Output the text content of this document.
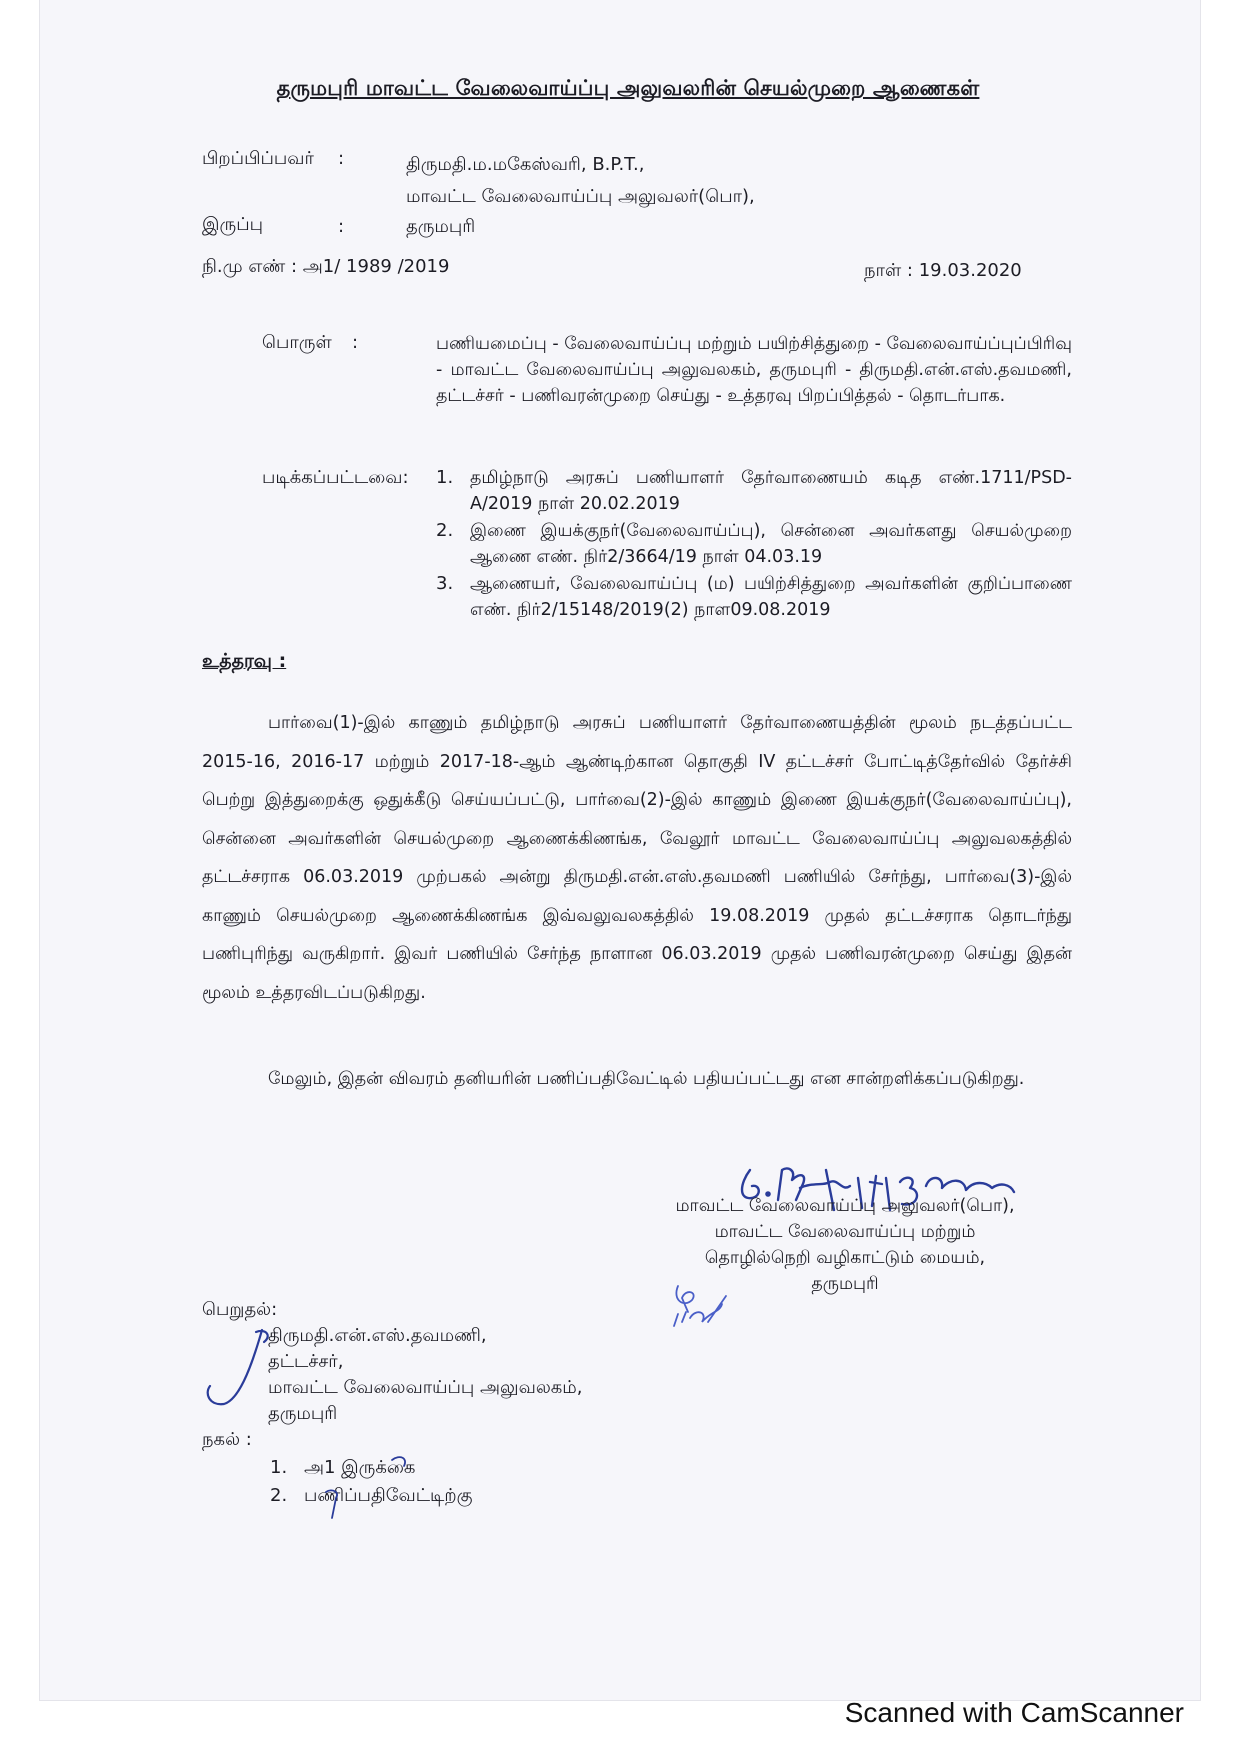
தருமபுரி மாவட்ட வேலைவாய்ப்பு அலுவலரின் செயல்முறை ஆணைகள்
பிறப்பிப்பவர் :	திருமதி.ம.மகேஸ்வரி, B.P.T.,
மாவட்ட வேலைவாய்ப்பு அலுவலர்(பொ),
இருப்பு	:	தருமபுரி
நி.மு எண் : அ1/ 1989 /2019	நாள் : 19.03.2020
பொருள் :	பணியமைப்பு - வேலைவாய்ப்பு மற்றும் பயிற்சித்துறை - வேலைவாய்ப்புப்பிரிவு - மாவட்ட வேலைவாய்ப்பு அலுவலகம், தருமபுரி - திருமதி.என்.எஸ்.தவமணி, தட்டச்சர் - பணிவரன்முறை செய்து - உத்தரவு பிறப்பித்தல் - தொடர்பாக.
படிக்கப்பட்டவை: 1. தமிழ்நாடு அரசுப் பணியாளர் தேர்வாணையம் கடித எண்.1711/PSD-A/2019 நாள் 20.02.2019
2. இணை இயக்குநர்(வேலைவாய்ப்பு), சென்னை அவர்களது செயல்முறை ஆணை எண். நிர்2/3664/19 நாள் 04.03.19
3. ஆணையர், வேலைவாய்ப்பு (ம) பயிற்சித்துறை அவர்களின் குறிப்பாணை எண். நிர்2/15148/2019(2) நாள09.08.2019
உத்தரவு :
பார்வை(1)-இல் காணும் தமிழ்நாடு அரசுப் பணியாளர் தேர்வாணையத்தின் மூலம் நடத்தப்பட்ட 2015-16, 2016-17 மற்றும் 2017-18-ஆம் ஆண்டிற்கான தொகுதி IV தட்டச்சர் போட்டித்தேர்வில் தேர்ச்சி பெற்று இத்துறைக்கு ஒதுக்கீடு செய்யப்பட்டு, பார்வை(2)-இல் காணும் இணை இயக்குநர்(வேலைவாய்ப்பு), சென்னை அவர்களின் செயல்முறை ஆணைக்கிணங்க, வேலூர் மாவட்ட வேலைவாய்ப்பு அலுவலகத்தில் தட்டச்சராக 06.03.2019 முற்பகல் அன்று திருமதி.என்.எஸ்.தவமணி பணியில் சேர்ந்து, பார்வை(3)-இல் காணும் செயல்முறை ஆணைக்கிணங்க இவ்வலுவலகத்தில் 19.08.2019 முதல் தட்டச்சராக தொடர்ந்து பணிபுரிந்து வருகிறார். இவர் பணியில் சேர்ந்த நாளான 06.03.2019 முதல் பணிவரன்முறை செய்து இதன் மூலம் உத்தரவிடப்படுகிறது.
மேலும், இதன் விவரம் தனியரின் பணிப்பதிவேட்டில் பதியப்பட்டது என சான்றளிக்கப்படுகிறது.
மாவட்ட வேலைவாய்ப்பு அலுவலர்(பொ),
மாவட்ட வேலைவாய்ப்பு மற்றும்
தொழில்நெறி வழிகாட்டும் மையம்,
தருமபுரி
பெறுதல்:
திருமதி.என்.எஸ்.தவமணி,
தட்டச்சர்,
மாவட்ட வேலைவாய்ப்பு அலுவலகம்,
தருமபுரி
நகல் :
1. அ1 இருக்கை
2. பணிப்பதிவேட்டிற்கு
Scanned with CamScanner
